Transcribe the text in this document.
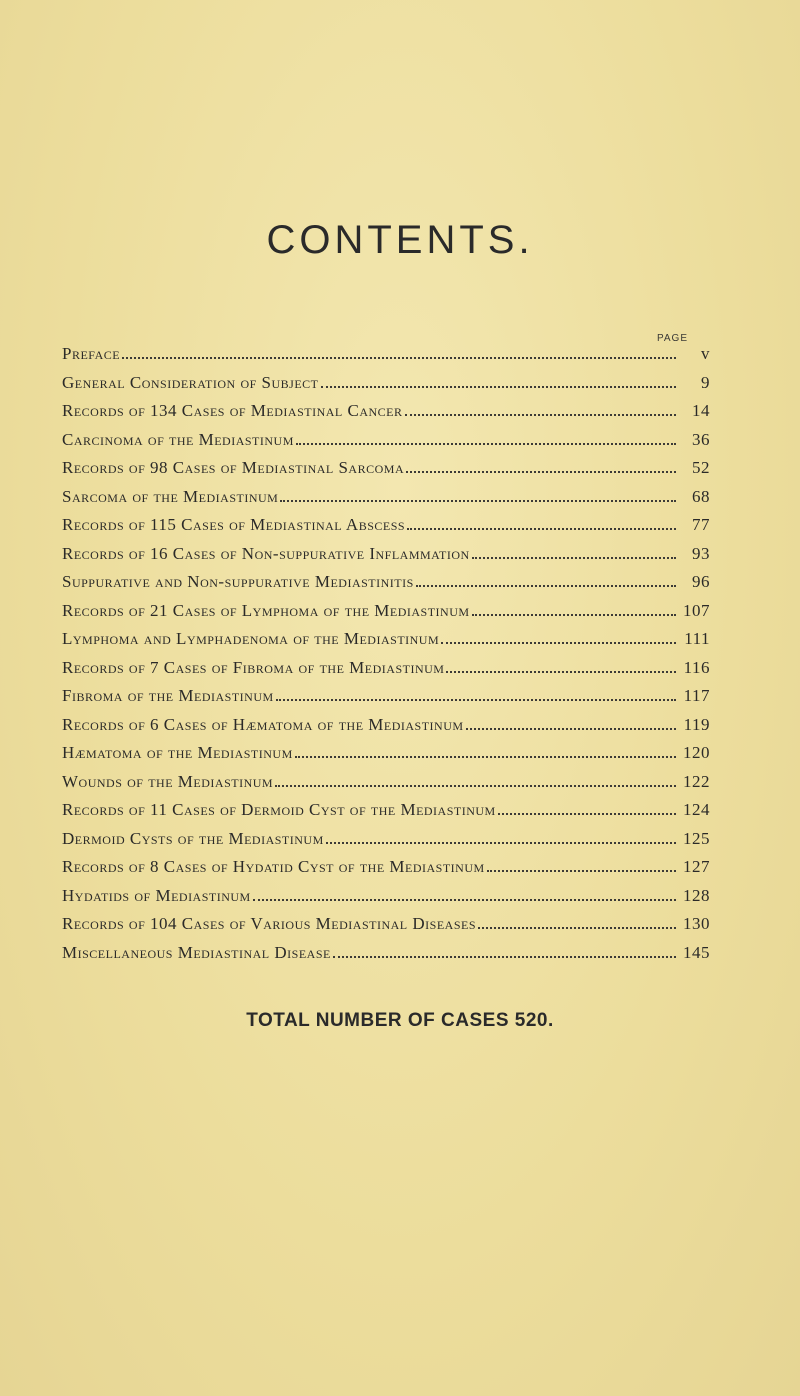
CONTENTS.
PAGE
Preface	v
General Consideration of Subject	9
Records of 134 Cases of Mediastinal Cancer	14
Carcinoma of the Mediastinum	36
Records of 98 Cases of Mediastinal Sarcoma	52
Sarcoma of the Mediastinum	68
Records of 115 Cases of Mediastinal Abscess	77
Records of 16 Cases of Non-suppurative Inflammation	93
Suppurative and Non-suppurative Mediastinitis	96
Records of 21 Cases of Lymphoma of the Mediastinum	107
Lymphoma and Lymphadenoma of the Mediastinum	111
Records of 7 Cases of Fibroma of the Mediastinum	116
Fibroma of the Mediastinum	117
Records of 6 Cases of Hæmatoma of the Mediastinum	119
Hæmatoma of the Mediastinum	120
Wounds of the Mediastinum	122
Records of 11 Cases of Dermoid Cyst of the Mediastinum	124
Dermoid Cysts of the Mediastinum	125
Records of 8 Cases of Hydatid Cyst of the Mediastinum	127
Hydatids of Mediastinum	128
Records of 104 Cases of Various Mediastinal Diseases	130
Miscellaneous Mediastinal Disease	145
TOTAL NUMBER OF CASES 520.
